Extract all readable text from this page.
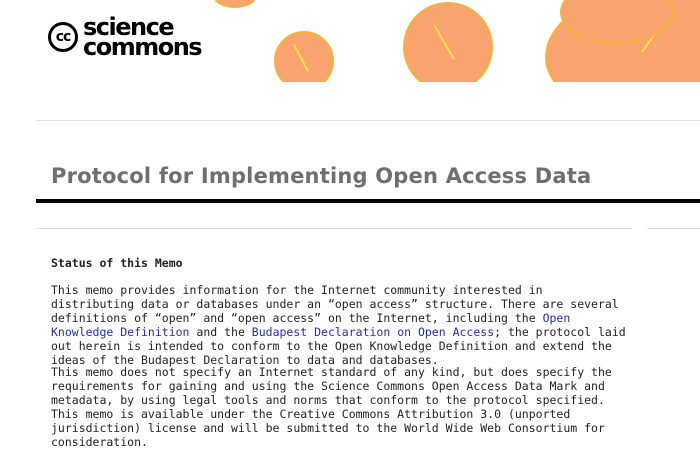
cc science
commons
Protocol for Implementing Open Access Data
Status of this Memo

This memo provides information for the Internet community interested in distributing data or databases under an “open access” structure. There are several definitions of “open” and “open access” on the Internet, including the Open Knowledge Definition and the Budapest Declaration on Open Access; the protocol laid out herein is intended to conform to the Open Knowledge Definition and extend the ideas of the Budapest Declaration to data and databases.

This memo does not specify an Internet standard of any kind, but does specify the requirements for gaining and using the Science Commons Open Access Data Mark and metadata, by using legal tools and norms that conform to the protocol specified. This memo is available under the Creative Commons Attribution 3.0 (unported jurisdiction) license and will be submitted to the World Wide Web Consortium for consideration.
